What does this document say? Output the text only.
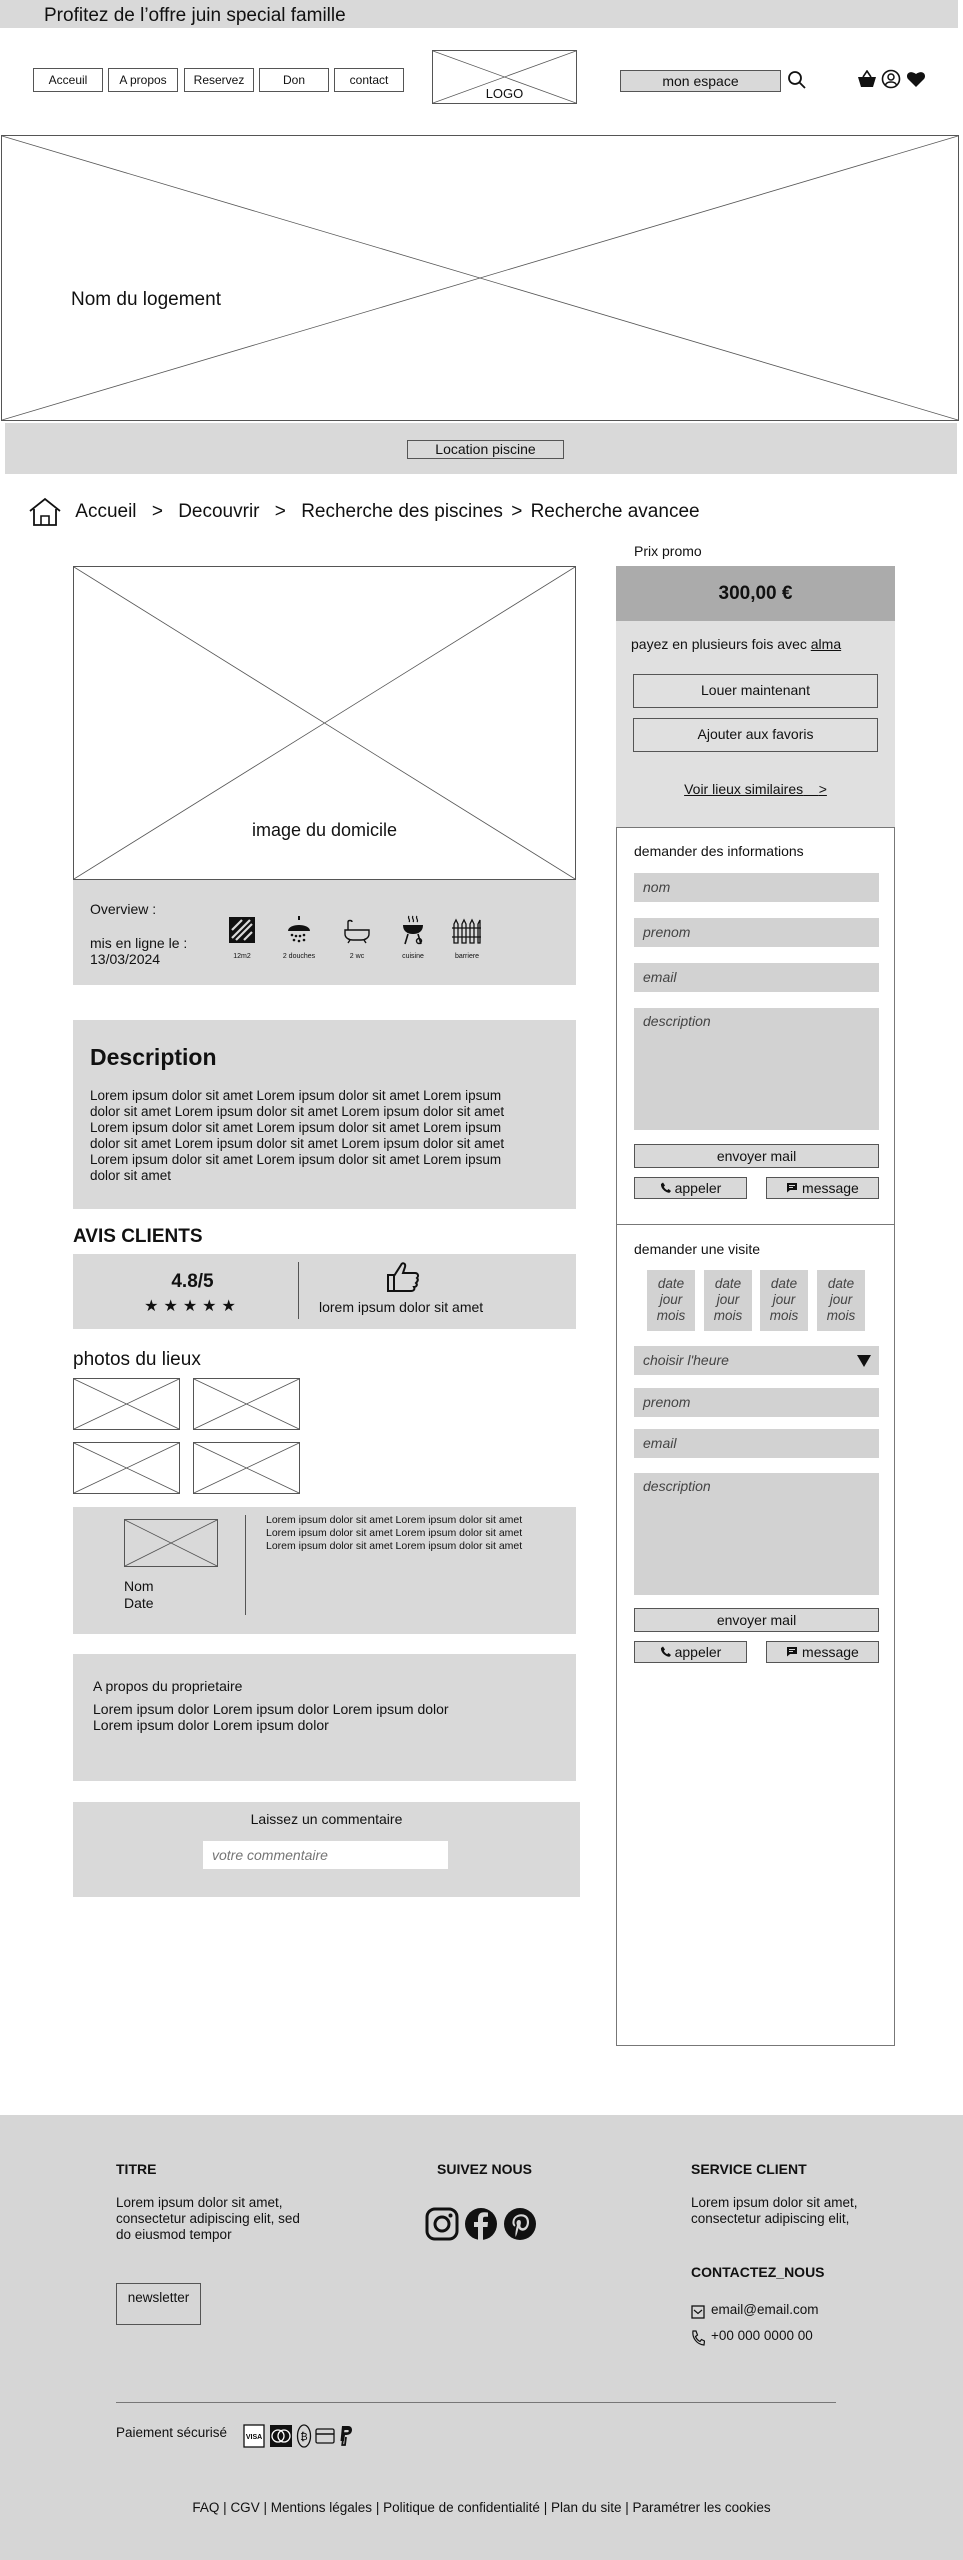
Profitez de l’offre juin special famille
Acceuil	A propos	Reservez	Don	contact
LOGO
mon espace
Nom du logement
Location piscine
Accueil > Decouvrir > Recherche des piscines > Recherche avancee
image du domicile
Overview :
mis en ligne le :
13/03/2024	12m2	2 douches	2 wc	cuisine	barriere
Description

Lorem ipsum dolor sit amet Lorem ipsum dolor sit amet Lorem ipsum dolor sit amet Lorem ipsum dolor sit amet Lorem ipsum dolor sit amet Lorem ipsum dolor sit amet Lorem ipsum dolor sit amet Lorem ipsum dolor sit amet Lorem ipsum dolor sit amet Lorem ipsum dolor sit amet Lorem ipsum dolor sit amet Lorem ipsum dolor sit amet Lorem ipsum dolor sit amet

AVIS CLIENTS
4.8/5
★★★★★	lorem ipsum dolor sit amet
photos du lieux
Nom
Date

Lorem ipsum dolor sit amet Lorem ipsum dolor sit amet Lorem ipsum dolor sit amet Lorem ipsum dolor sit amet Lorem ipsum dolor sit amet Lorem ipsum dolor sit amet

A propos du proprietaire

Lorem ipsum dolor Lorem ipsum dolor Lorem ipsum dolor Lorem ipsum dolor Lorem ipsum dolor

Laissez un commentaire
votre commentaire
Prix promo
300,00 €
payez en plusieurs fois avec alma
Louer maintenant
Ajouter aux favoris
Voir lieux similaires >
demander des informations
nom
prenom
email
description
envoyer mail
appeler	message
demander une visite
date jour mois
date jour mois
date jour mois
date jour mois
choisir l'heure
prenom
email
description
envoyer mail
appeler	message
TITRE

Lorem ipsum dolor sit amet, consectetur adipiscing elit, sed do eiusmod tempor

newsletter
SUIVEZ NOUS	SERVICE CLIENT

Lorem ipsum dolor sit amet, consectetur adipiscing elit,

CONTACTEZ_NOUS
email@email.com
+00 000 0000 00
Paiement sécurisé	VISA	₿
FAQ | CGV | Mentions légales | Politique de confidentialité | Plan du site | Paramétrer les cookies
